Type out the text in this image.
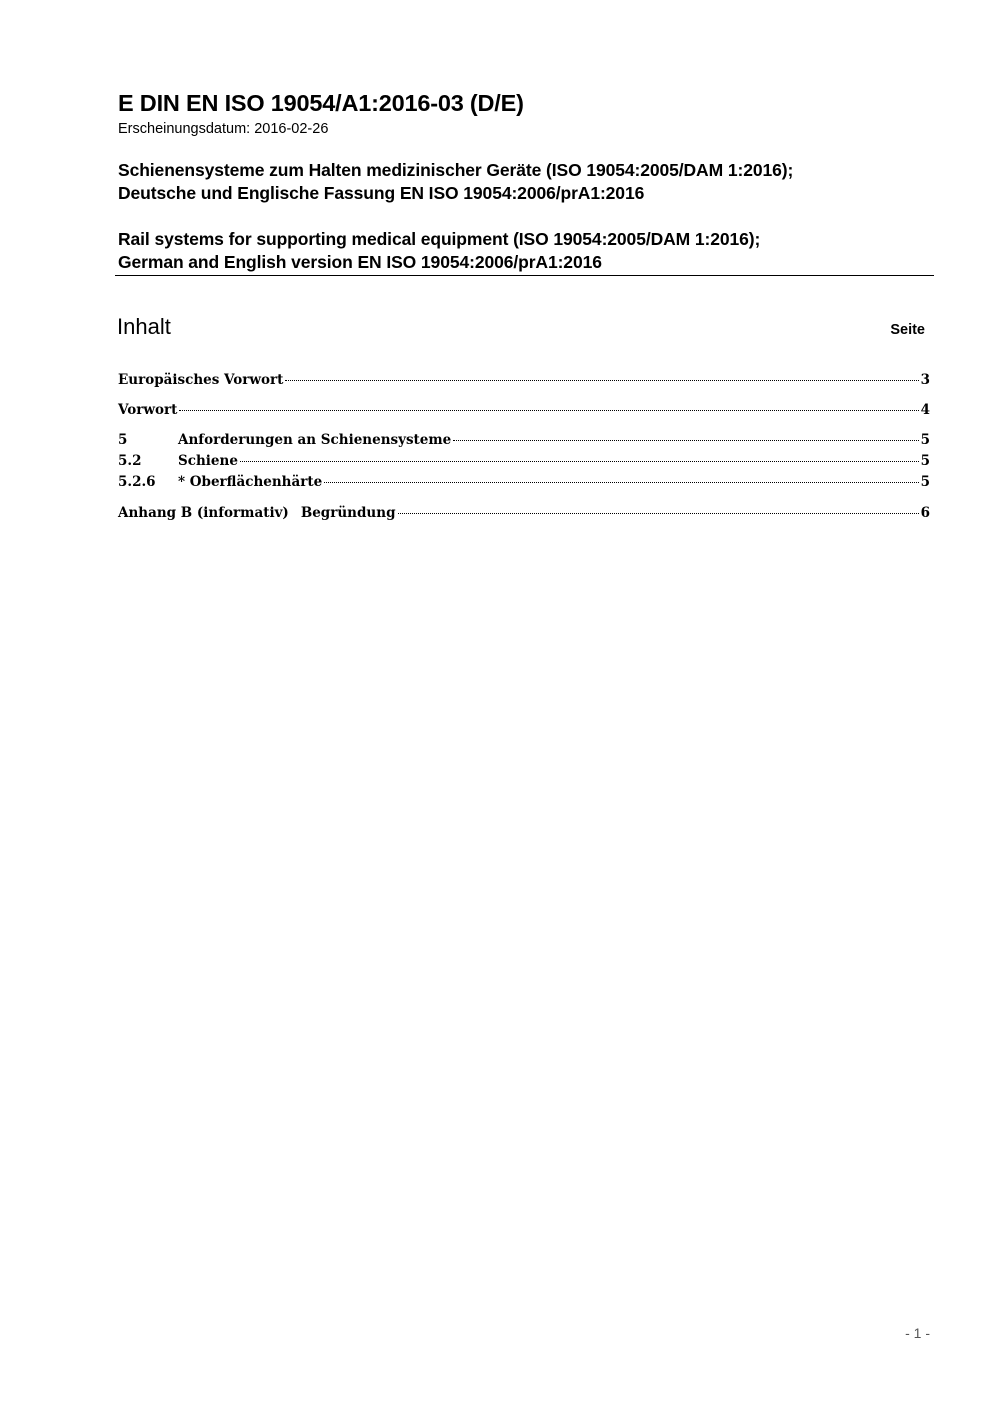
E DIN EN ISO 19054/A1:2016-03 (D/E)
Erscheinungsdatum: 2016-02-26
Schienensysteme zum Halten medizinischer Geräte (ISO 19054:2005/DAM 1:2016);
Deutsche und Englische Fassung EN ISO 19054:2006/prA1:2016
Rail systems for supporting medical equipment (ISO 19054:2005/DAM 1:2016);
German and English version EN ISO 19054:2006/prA1:2016
Inhalt	Seite
Europäisches Vorwort	3
Vorwort	4
5	Anforderungen an Schienensysteme	5
5.2	Schiene	5
5.2.6	* Oberflächenhärte	5
Anhang B (informativ) Begründung	6
- 1 -
